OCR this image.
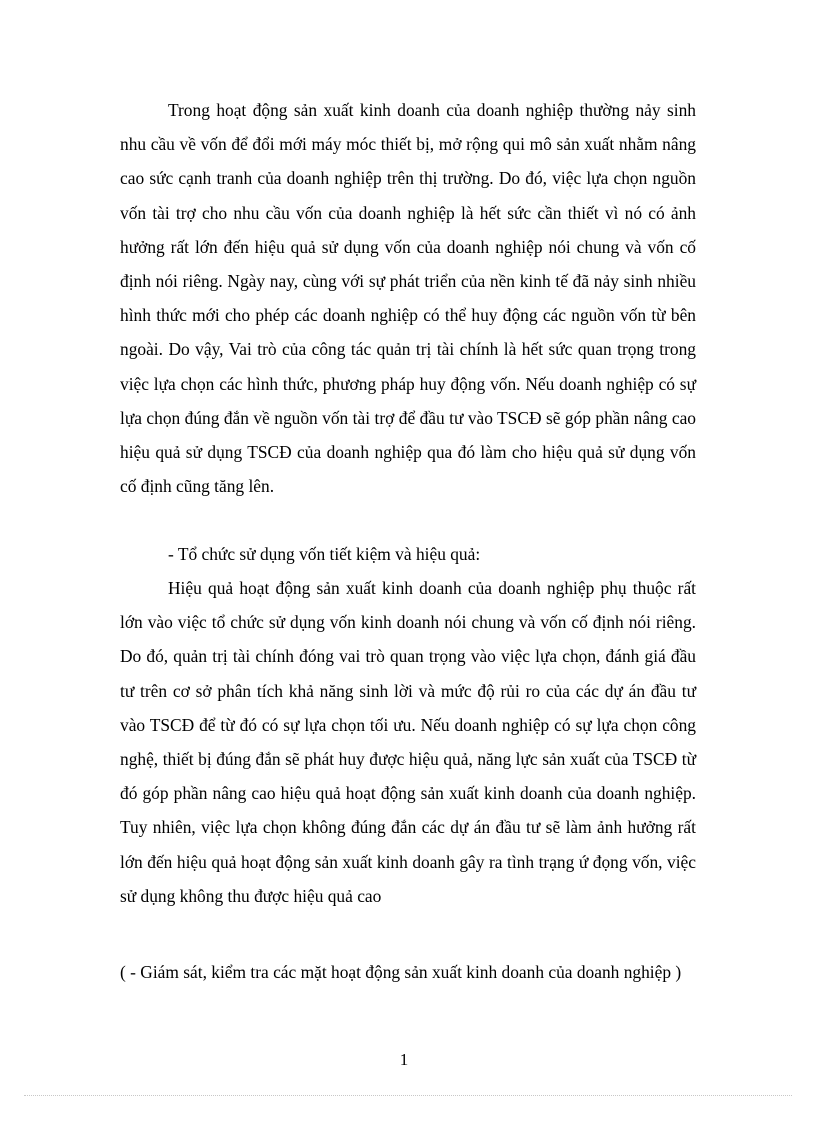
Trong hoạt động sản xuất kinh doanh của doanh nghiệp thường nảy sinh nhu cầu về vốn để đổi mới máy móc thiết bị, mở rộng qui mô sản xuất nhằm nâng cao sức cạnh tranh của doanh nghiệp trên thị trường. Do đó, việc lựa chọn nguồn vốn tài trợ cho nhu cầu vốn của doanh nghiệp là hết sức cần thiết vì nó có ảnh hưởng rất lớn đến hiệu quả sử dụng vốn của doanh nghiệp nói chung và vốn cố định nói riêng. Ngày nay, cùng với sự phát triển của nền kinh tế đã nảy sinh nhiều hình thức mới cho phép các doanh nghiệp có thể huy động các nguồn vốn từ bên ngoài. Do vậy, Vai trò của công tác quản trị tài chính là hết sức quan trọng trong việc lựa chọn các hình thức, phương pháp huy động vốn. Nếu doanh nghiệp có sự lựa chọn đúng đắn về nguồn vốn tài trợ để đầu tư vào TSCĐ sẽ góp phần nâng cao hiệu quả sử dụng TSCĐ của doanh nghiệp qua đó làm cho hiệu quả sử dụng vốn cố định cũng tăng lên.

- Tổ chức sử dụng vốn tiết kiệm và hiệu quả:

Hiệu quả hoạt động sản xuất kinh doanh của doanh nghiệp phụ thuộc rất lớn vào việc tổ chức sử dụng vốn kinh doanh nói chung và vốn cố định nói riêng. Do đó, quản trị tài chính đóng vai trò quan trọng vào việc lựa chọn, đánh giá đầu tư trên cơ sở phân tích khả năng sinh lời và mức độ rủi ro của các dự án đầu tư vào TSCĐ để từ đó có sự lựa chọn tối ưu. Nếu doanh nghiệp có sự lựa chọn công nghệ, thiết bị đúng đắn sẽ phát huy được hiệu quả, năng lực sản xuất của TSCĐ từ đó góp phần nâng cao hiệu quả hoạt động sản xuất kinh doanh của doanh nghiệp. Tuy nhiên, việc lựa chọn không đúng đắn các dự án đầu tư sẽ làm ảnh hưởng rất lớn đến hiệu quả hoạt động sản xuất kinh doanh gây ra tình trạng ứ đọng vốn, việc sử dụng không thu được hiệu quả cao

( - Giám sát, kiểm tra các mặt hoạt động sản xuất kinh doanh của doanh nghiệp )

1
